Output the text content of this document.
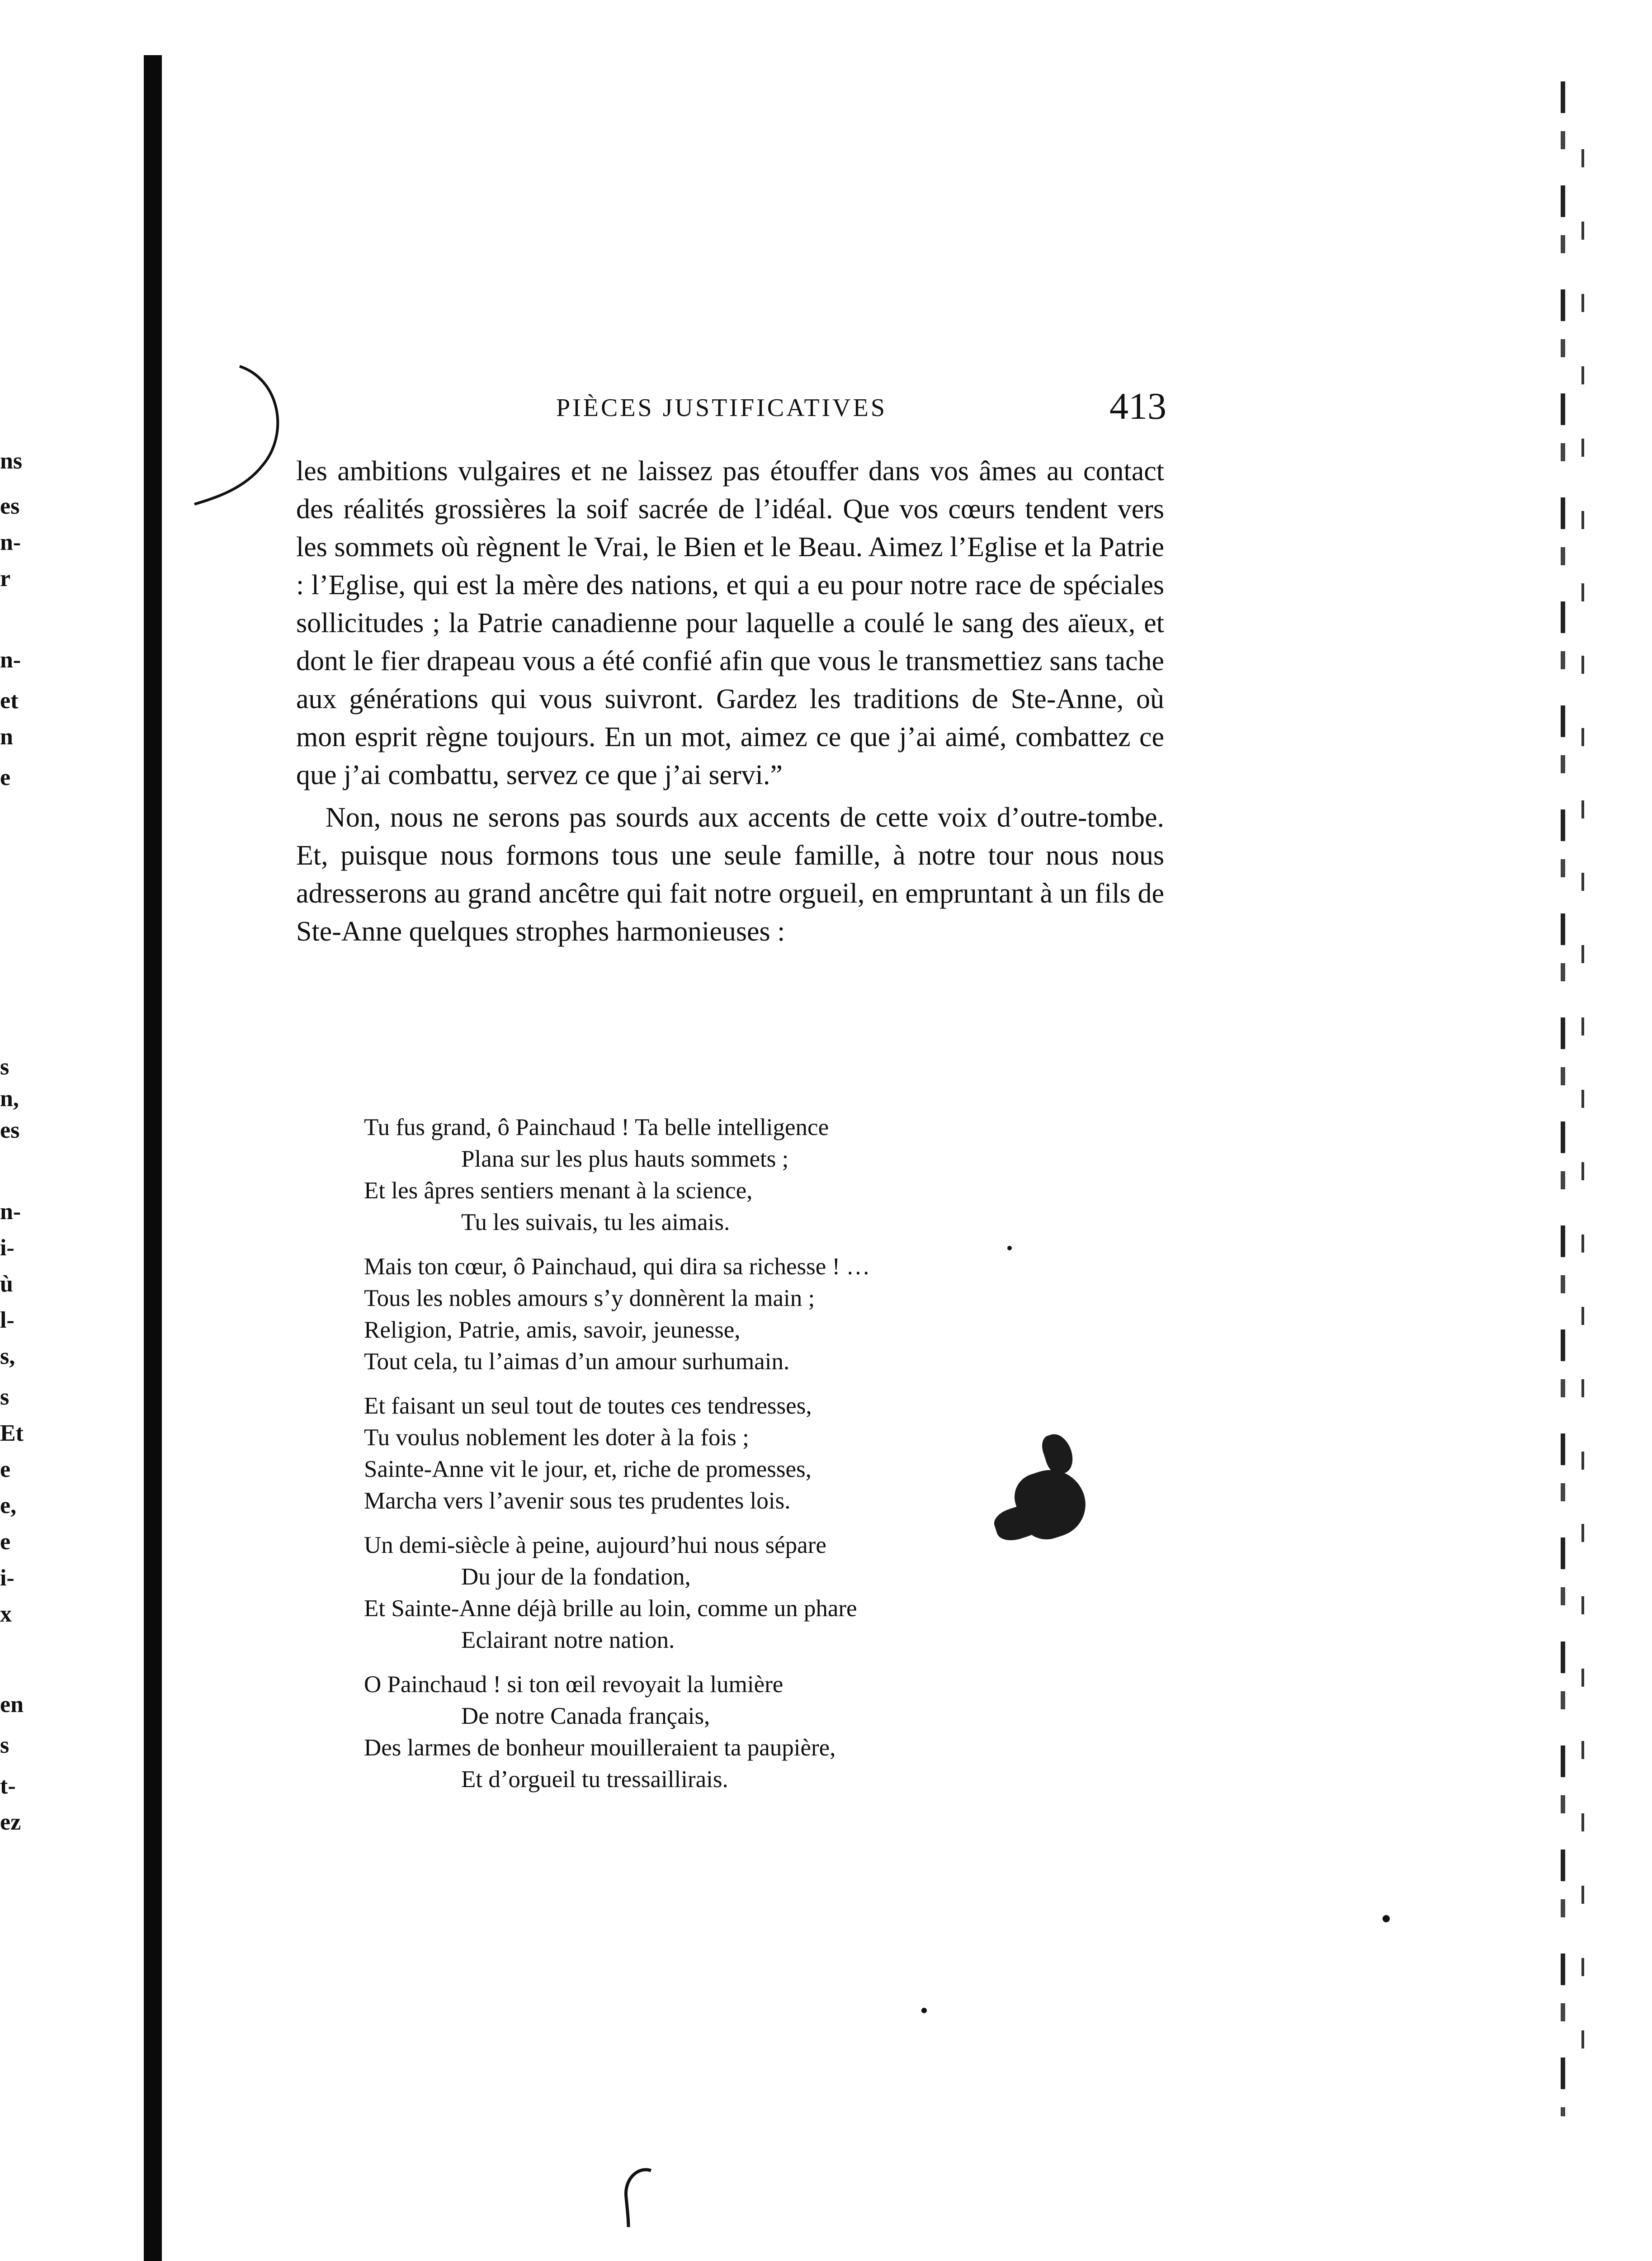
ns
es
n-
r
n-
et
n
e
s
n,
es
n-
i-
ù
l-
s,
s
Et
e
e,
e
i-
x
en
s
t-
ez
PIÈCES JUSTIFICATIVES	413

les ambitions vulgaires et ne laissez pas étouffer dans vos âmes au contact des réalités grossières la soif sacrée de l’idéal. Que vos cœurs tendent vers les sommets où règnent le Vrai, le Bien et le Beau. Aimez l’Eglise et la Patrie : l’Eglise, qui est la mère des nations, et qui a eu pour notre race de spéciales sollicitudes ; la Patrie canadienne pour laquelle a coulé le sang des aïeux, et dont le fier drapeau vous a été confié afin que vous le transmettiez sans tache aux générations qui vous suivront. Gardez les traditions de Ste-Anne, où mon esprit règne toujours. En un mot, aimez ce que j’ai aimé, combattez ce que j’ai combattu, servez ce que j’ai servi.”

Non, nous ne serons pas sourds aux accents de cette voix d’outre-tombe. Et, puisque nous formons tous une seule famille, à notre tour nous nous adresserons au grand ancêtre qui fait notre orgueil, en empruntant à un fils de Ste-Anne quelques strophes harmonieuses :

Tu fus grand, ô Painchaud ! Ta belle intelligence
Plana sur les plus hauts sommets ;
Et les âpres sentiers menant à la science,
Tu les suivais, tu les aimais.
Mais ton cœur, ô Painchaud, qui dira sa richesse ! …
Tous les nobles amours s’y donnèrent la main ;
Religion, Patrie, amis, savoir, jeunesse,
Tout cela, tu l’aimas d’un amour surhumain.
Et faisant un seul tout de toutes ces tendresses,
Tu voulus noblement les doter à la fois ;
Sainte-Anne vit le jour, et, riche de promesses,
Marcha vers l’avenir sous tes prudentes lois.
Un demi-siècle à peine, aujourd’hui nous sépare
Du jour de la fondation,
Et Sainte-Anne déjà brille au loin, comme un phare
Eclairant notre nation.
O Painchaud ! si ton œil revoyait la lumière
De notre Canada français,
Des larmes de bonheur mouilleraient ta paupière,
Et d’orgueil tu tressaillirais.
